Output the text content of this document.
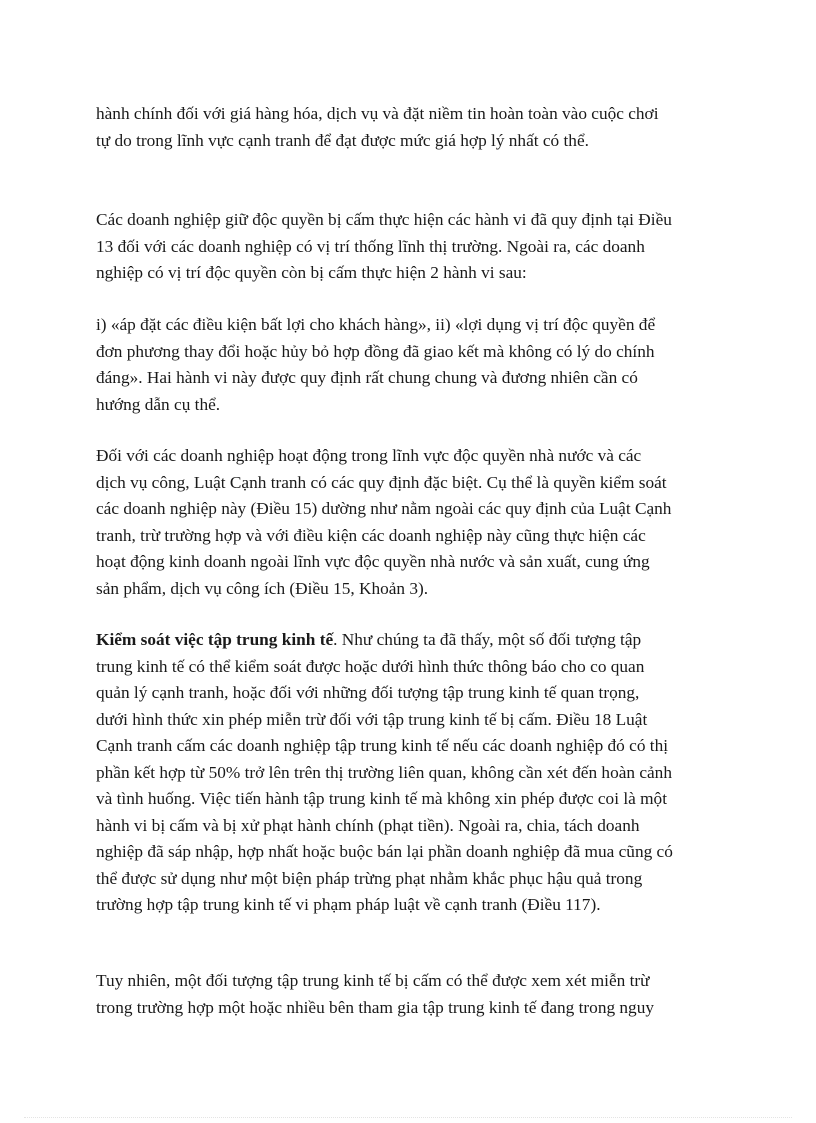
hành chính đối với giá hàng hóa, dịch vụ và đặt niềm tin hoàn toàn vào cuộc chơi
tự do trong lĩnh vực cạnh tranh để đạt được mức giá hợp lý nhất có thể.

Các doanh nghiệp giữ độc quyền bị cấm thực hiện các hành vi đã quy định tại Điều
13 đối với các doanh nghiệp có vị trí thống lĩnh thị trường. Ngoài ra, các doanh
nghiệp có vị trí độc quyền còn bị cấm thực hiện 2 hành vi sau:

i) «áp đặt các điều kiện bất lợi cho khách hàng», ii) «lợi dụng vị trí độc quyền để
đơn phương thay đổi hoặc hủy bỏ hợp đồng đã giao kết mà không có lý do chính
đáng». Hai hành vi này được quy định rất chung chung và đương nhiên cần có
hướng dẫn cụ thể.

Đối với các doanh nghiệp hoạt động trong lĩnh vực độc quyền nhà nước và các
dịch vụ công, Luật Cạnh tranh có các quy định đặc biệt. Cụ thể là quyền kiểm soát
các doanh nghiệp này (Điều 15) dường như nằm ngoài các quy định của Luật Cạnh
tranh, trừ trường hợp và với điều kiện các doanh nghiệp này cũng thực hiện các
hoạt động kinh doanh ngoài lĩnh vực độc quyền nhà nước và sản xuất, cung ứng
sản phẩm, dịch vụ công ích (Điều 15, Khoản 3).

Kiểm soát việc tập trung kinh tế. Như chúng ta đã thấy, một số đối tượng tập
trung kinh tế có thể kiểm soát được hoặc dưới hình thức thông báo cho co quan
quản lý cạnh tranh, hoặc đối với những đối tượng tập trung kinh tế quan trọng,
dưới hình thức xin phép miễn trừ đối với tập trung kinh tế bị cấm. Điều 18 Luật
Cạnh tranh cấm các doanh nghiệp tập trung kinh tế nếu các doanh nghiệp đó có thị
phần kết hợp từ 50% trở lên trên thị trường liên quan, không cần xét đến hoàn cảnh
và tình huống. Việc tiến hành tập trung kinh tế mà không xin phép được coi là một
hành vi bị cấm và bị xử phạt hành chính (phạt tiền). Ngoài ra, chia, tách doanh
nghiệp đã sáp nhập, hợp nhất hoặc buộc bán lại phần doanh nghiệp đã mua cũng có
thể được sử dụng như một biện pháp trừng phạt nhằm khắc phục hậu quả trong
trường hợp tập trung kinh tế vi phạm pháp luật về cạnh tranh (Điều 117).

Tuy nhiên, một đối tượng tập trung kinh tế bị cấm có thể được xem xét miễn trừ
trong trường hợp một hoặc nhiều bên tham gia tập trung kinh tế đang trong nguy
